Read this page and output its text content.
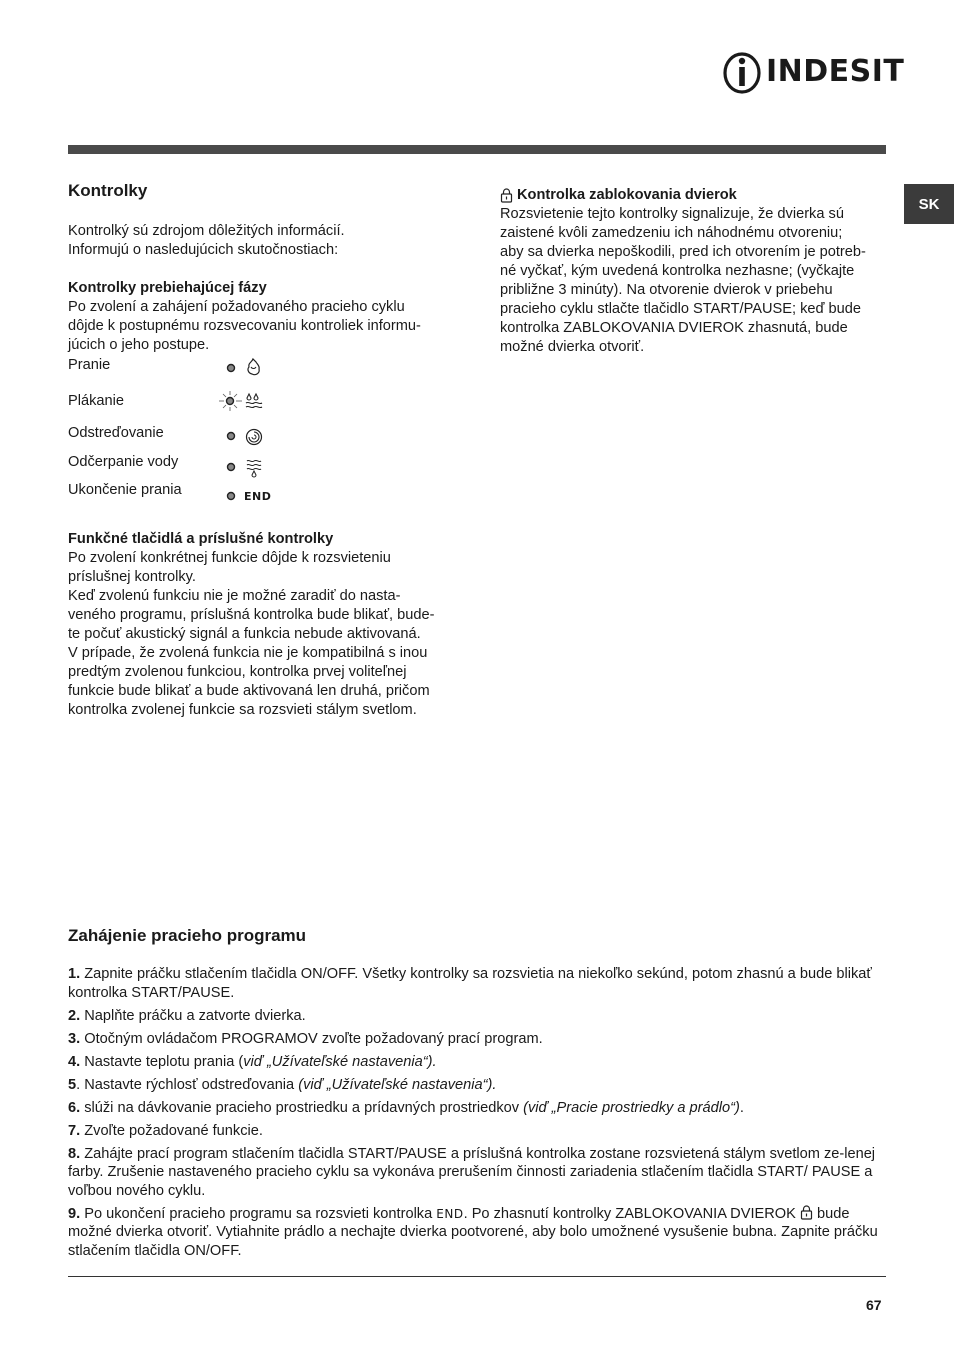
INDESIT
SK
Kontrolky
Kontrolký sú zdrojom dôležitých informácií.
Informujú o nasledujúcich skutočnostiach:
Kontrolky prebiehajúcej fázy
Po zvolení a zahájení požadovaného pracieho cyklu
dôjde k postupnému rozsvecovaniu kontroliek informu-
júcich o jeho postupe.
Pranie
Plákanie
Odstreďovanie
Odčerpanie vody
Ukončenie prania	END
Funkčné tlačidlá a príslušné kontrolky
Po zvolení konkrétnej funkcie dôjde k rozsvieteniu
príslušnej kontrolky.
Keď zvolenú funkciu nie je možné zaradiť do nasta-
veného programu, príslušná kontrolka bude blikať, bude-
te počuť akustický signál a funkcia nebude aktivovaná.
V prípade, že zvolená funkcia nie je kompatibilná s inou
predtým zvolenou funkciou, kontrolka prvej voliteľnej
funkcie bude blikať a bude aktivovaná len druhá, pričom
kontrolka zvolenej funkcie sa rozsvieti stálym svetlom.
Kontrolka zablokovania dvierok
Rozsvietenie tejto kontrolky signalizuje, že dvierka sú
zaistené kvôli zamedzeniu ich náhodnému otvoreniu;
aby sa dvierka nepoškodili, pred ich otvorením je potreb-
né vyčkať, kým uvedená kontrolka nezhasne; (vyčkajte
približne 3 minúty). Na otvorenie dvierok v priebehu
pracieho cyklu stlačte tlačidlo START/PAUSE; keď bude
kontrolka ZABLOKOVANIA DVIEROK zhasnutá, bude
možné dvierka otvoriť.
Zahájenie pracieho programu
1. Zapnite práčku stlačením tlačidla ON/OFF. Všetky kontrolky sa rozsvietia na niekoľko sekúnd, potom zhasnú a bude blikať kontrolka START/PAUSE.
2. Naplňte práčku a zatvorte dvierka.
3. Otočným ovládačom PROGRAMOV zvoľte požadovaný prací program.
4. Nastavte teplotu prania (viď „Užívateľské nastavenia“).
5. Nastavte rýchlosť odstreďovania (viď „Užívateľské nastavenia“).
6. slúži na dávkovanie pracieho prostriedku a prídavných prostriedkov (viď „Pracie prostriedky a prádlo“).
7. Zvoľte požadované funkcie.
8. Zahájte prací program stlačením tlačidla START/PAUSE a príslušná kontrolka zostane rozsvietená stálym svetlom ze-lenej farby. Zrušenie nastaveného pracieho cyklu sa vykonáva prerušením činnosti zariadenia stlačením tlačidla START/ PAUSE a voľbou nového cyklu.
9. Po ukončení pracieho programu sa rozsvieti kontrolka END. Po zhasnutí kontrolky ZABLOKOVANIA DVIEROK  bude možné dvierka otvoriť. Vytiahnite prádlo a nechajte dvierka pootvorené, aby bolo umožnené vysušenie bubna. Zapnite práčku stlačením tlačidla ON/OFF.
67
